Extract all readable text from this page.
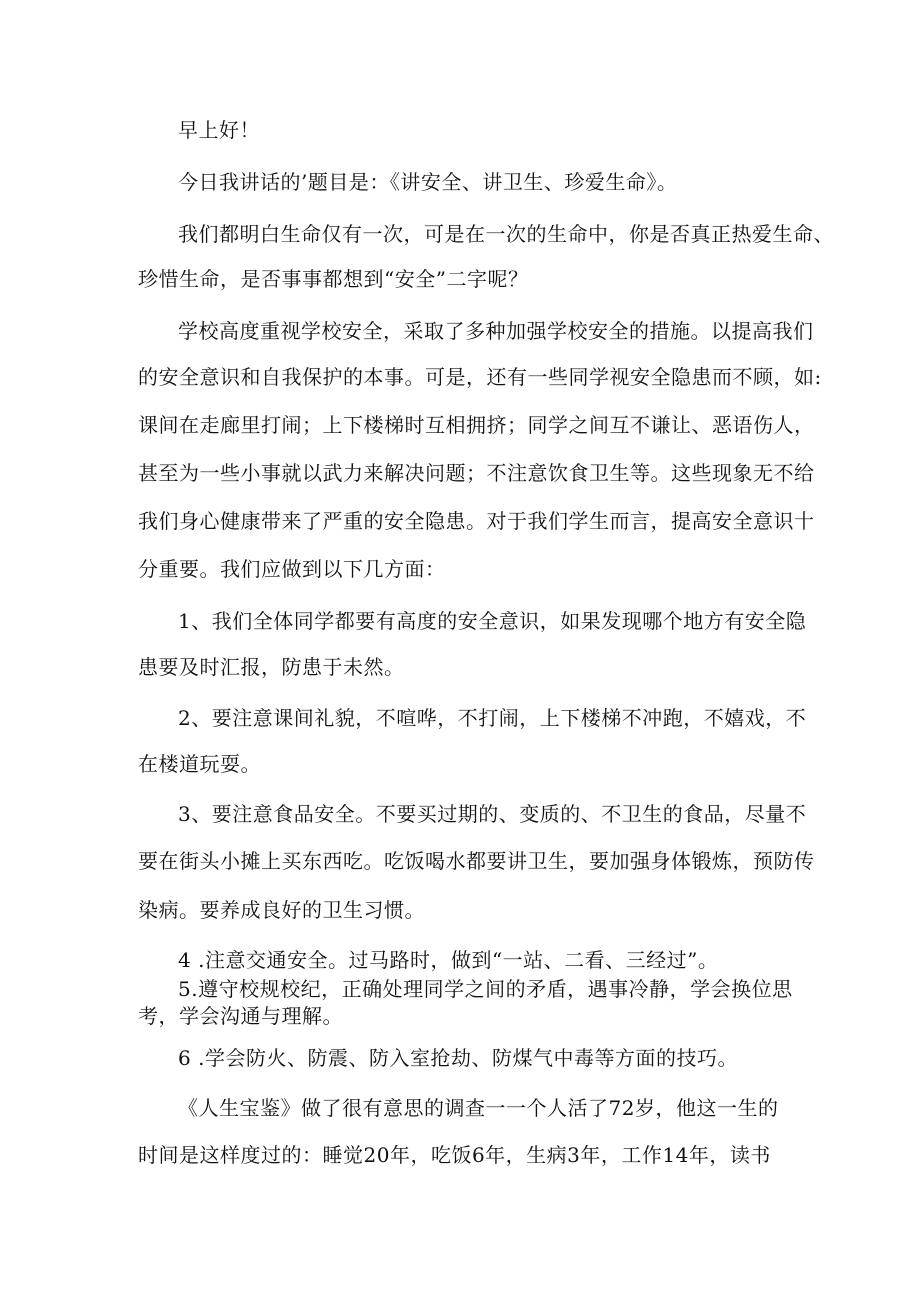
早上好！

今日我讲话的’题目是：《讲安全、讲卫生、珍爱生命》。

我们都明白生命仅有一次，可是在一次的生命中，你是否真正热爱生命、

珍惜生命，是否事事都想到“安全”二字呢？

学校高度重视学校安全，采取了多种加强学校安全的措施。以提高我们

的安全意识和自我保护的本事。可是，还有一些同学视安全隐患而不顾，如:

课间在走廊里打闹；上下楼梯时互相拥挤；同学之间互不谦让、恶语伤人，

甚至为一些小事就以武力来解决问题；不注意饮食卫生等。这些现象无不给

我们身心健康带来了严重的安全隐患。对于我们学生而言，提高安全意识十

分重要。我们应做到以下几方面：

1、我们全体同学都要有高度的安全意识，如果发现哪个地方有安全隐

患要及时汇报，防患于未然。

2、要注意课间礼貌，不喧哗，不打闹，上下楼梯不冲跑，不嬉戏，不

在楼道玩耍。

3、要注意食品安全。不要买过期的、变质的、不卫生的食品，尽量不

要在街头小摊上买东西吃。吃饭喝水都要讲卫生，要加强身体锻炼，预防传

染病。要养成良好的卫生习惯。

4 .注意交通安全。过马路时，做到“一站、二看、三经过”。

5.遵守校规校纪，正确处理同学之间的矛盾，遇事冷静，学会换位思

考，学会沟通与理解。

6 .学会防火、防震、防入室抢劫、防煤气中毒等方面的技巧。

《人生宝鉴》做了很有意思的调查一一个人活了72岁，他这一生的

时间是这样度过的：睡觉20年，吃饭6年，生病3年，工作14年，读书
